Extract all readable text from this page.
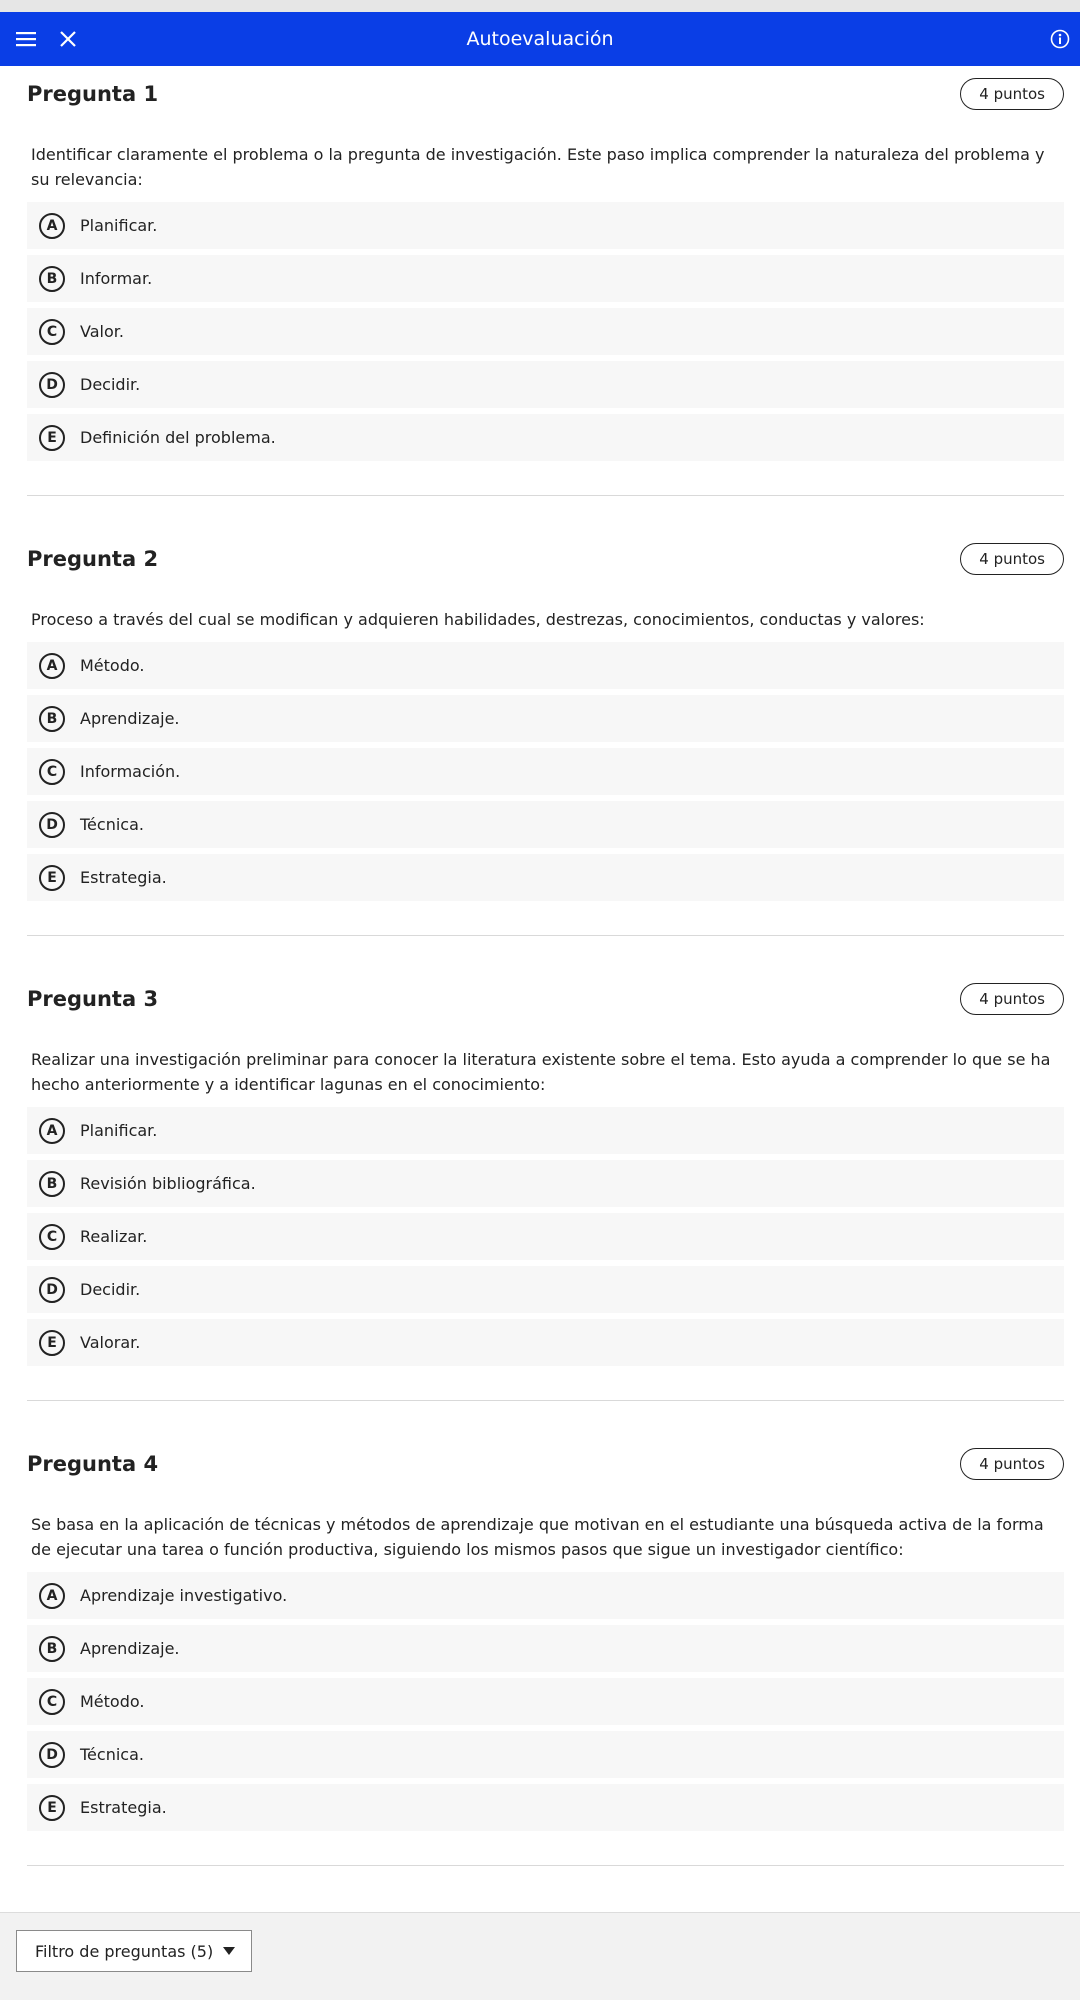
Autoevaluación
Pregunta 1	4 puntos
Identificar claramente el problema o la pregunta de investigación. Este paso implica comprender la naturaleza del problema y su relevancia:
A	Planificar.
B	Informar.
C	Valor.
D	Decidir.
E	Definición del problema.
Pregunta 2	4 puntos
Proceso a través del cual se modifican y adquieren habilidades, destrezas, conocimientos, conductas y valores:
A	Método.
B	Aprendizaje.
C	Información.
D	Técnica.
E	Estrategia.
Pregunta 3	4 puntos
Realizar una investigación preliminar para conocer la literatura existente sobre el tema. Esto ayuda a comprender lo que se ha hecho anteriormente y a identificar lagunas en el conocimiento:
A	Planificar.
B	Revisión bibliográfica.
C	Realizar.
D	Decidir.
E	Valorar.
Pregunta 4	4 puntos
Se basa en la aplicación de técnicas y métodos de aprendizaje que motivan en el estudiante una búsqueda activa de la forma de ejecutar una tarea o función productiva, siguiendo los mismos pasos que sigue un investigador científico:
A	Aprendizaje investigativo.
B	Aprendizaje.
C	Método.
D	Técnica.
E	Estrategia.
Filtro de preguntas (5)
